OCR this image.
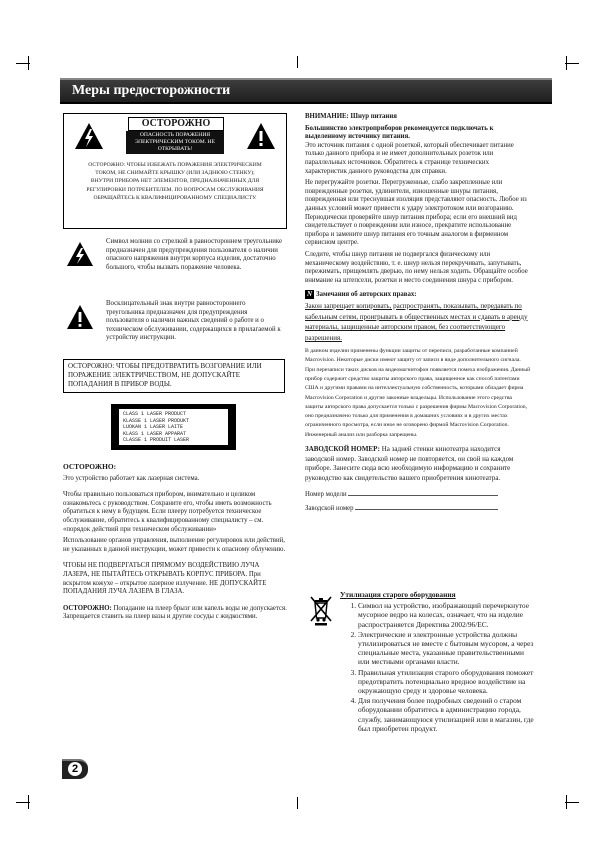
Меры предосторожности
ОСТОРОЖНО
ОПАСНОСТЬ ПОРАЖЕНИЯ ЭЛЕКТРИЧЕСКИМ ТОКОМ. НЕ ОТКРЫВАТЬ!
ОСТОРОЖНО: ЧТОБЫ ИЗБЕЖАТЬ ПОРАЖЕНИЯ ЭЛЕКТРИЧЕСКИМ ТОКОМ, НЕ СНИМАЙТЕ КРЫШКУ (ИЛИ ЗАДНЮЮ СТЕНКУ); ВНУТРИ ПРИБОРА НЕТ ЭЛЕМЕНТОВ, ПРЕДНАЗНАЧЕННЫХ ДЛЯ РЕГУЛИРОВКИ ПОТРЕБИТЕЛЕМ. ПО ВОПРОСАМ ОБСЛУЖИВАНИЯ ОБРАЩАЙТЕСЬ К КВАЛИФИЦИРОВАННОМУ СПЕЦИАЛИСТУ.
Символ молнии со стрелкой в равностороннем треугольнике предназначен для предупреждения пользователя о наличии опасного напряжения внутри корпуса изделия, достаточно большого, чтобы вызвать поражение человека.
Восклицательный знак внутри равностороннего треугольника предназначен для предупреждения пользователя о наличии важных сведений о работе и о техническом обслуживании, содержащихся в прилагаемой к устройству инструкции.
ОСТОРОЖНО: ЧТОБЫ ПРЕДОТВРАТИТЬ ВОЗГОРАНИЕ ИЛИ ПОРАЖЕНИЕ ЭЛЕКТРИЧЕСТВОМ, НЕ ДОПУСКАЙТЕ ПОПАДАНИЯ В ПРИБОР ВОДЫ.
CLASS 1 LASER PRODUCT
KLASSE 1 LASER PRODUKT
LUOKAN 1 LASER LAITE
KLASS 1 LASER APPARAT
CLASSE 1 PRODUIT LASER

ОСТОРОЖНО:

Это устройство работает как лазерная система.

Чтобы правильно пользоваться прибором, внимательно и целиком ознакомьтесь с руководством. Сохраните его, чтобы иметь возможность обратиться к нему в будущем. Если плееру потребуется техническое обслуживание, обратитесь к квалифицированному специалисту – см. «порядок действий при техническом обслуживании»

Использование органов управления, выполнение регулировок или действий, не указанных в данной инструкции, может привести к опасному облучению.

ЧТОБЫ НЕ ПОДВЕРГАТЬСЯ ПРЯМОМУ ВОЗДЕЙСТВИЮ ЛУЧА ЛАЗЕРА, НЕ ПЫТАЙТЕСЬ ОТКРЫВАТЬ КОРПУС ПРИБОРА. При вскрытом кожухе – открытое лазерное излучение. НЕ ДОПУСКАЙТЕ ПОПАДАНИЯ ЛУЧА ЛАЗЕРА В ГЛАЗА.

ОСТОРОЖНО: Попадание на плеер брызг или капель воды не допускается. Запрещается ставить на плеер вазы и другие сосуды с жидкостями.

ВНИМАНИЕ: Шнур питания

Большинство электроприборов рекомендуется подключать к выделенному источнику питания.

Это источник питания с одной розеткой, который обеспечивает питание только данного прибора и не имеет дополнительных розеток или параллельных источников. Обратитесь к странице технических характеристик данного руководства для справки.

Не перегружайте розетки. Перегруженные, слабо закрепленные или поврежденные розетки, удлинители, изношенные шнуры питания, поврежденная или треснувшая изоляция представляют опасность. Любое из данных условий может привести к удару электротоком или возгоранию. Периодически проверяйте шнур питания прибора; если его внешний вид свидетельствует о повреждении или износе, прекратите использование прибора и замените шнур питания его точным аналогом в фирменном сервисном центре.

Следите, чтобы шнур питания не подвергался физическому или механическому воздействию, т. е. шнур нельзя перекручивать, запутывать, пережимать, прищемлять дверью, по нему нельзя ходить. Обращайте особое внимание на штепсели, розетки и место соединения шнура с прибором.

N Замечания об авторских правах:

Закон запрещает копировать, распространять, показывать, передавать по кабельным сетям, проигрывать в общественных местах и сдавать в аренду материалы, защищенные авторским правом, без соответствующего разрешения.

В данном изделии применены функции защиты от переписи, разработанные компанией Macrovision. Некоторые диски имеют защиту от записи в виде дополнительного сигнала. При перезаписи таких дисков на видеомагнитофон появляется помеха изображения. Данный прибор содержит средство защиты авторского права, защищенное как способ патентами США и другими правами на интеллектуальную собственность, которыми обладает фирма Macrovision Corporation и другие законные владельцы. Использование этого средства защиты авторского права допускается только с разрешения фирмы Macrovision Corporation, оно предназначено только для применения в домашних условиях и в других местах ограниченного просмотра, если иное не оговорено фирмой Macrovision Corporation. Инженерный анализ или разборка запрещены.

ЗАВОДСКОЙ НОМЕР: На задней стенки кинотеатра находится заводской номер. Заводской номер не повторяется, он свой на каждом приборе. Занесите сюда всю необходимую информацию и сохраните руководство как свидетельство вашего приобретения кинотеатра.

Номер модели

Заводской номер

Утилизация старого оборудования
1. Символ на устройство, изображающий перечеркнутое мусорное ведро на колесах, означает, что на изделие распространяется Директива 2002/96/ЕС.
2. Электрические и электронные устройства должны утилизироваться не вместе с бытовым мусором, а через специальные места, указанные правительственными или местными органами власти.
3. Правильная утилизация старого оборудования поможет предотвратить потенциально вредное воздействие на окружающую среду и здоровье человека.
4. Для получения более подробных сведений о старом оборудовании обратитесь в администрацию города, службу, занимающуюся утилизацией или в магазин, где был приобретен продукт.
2
